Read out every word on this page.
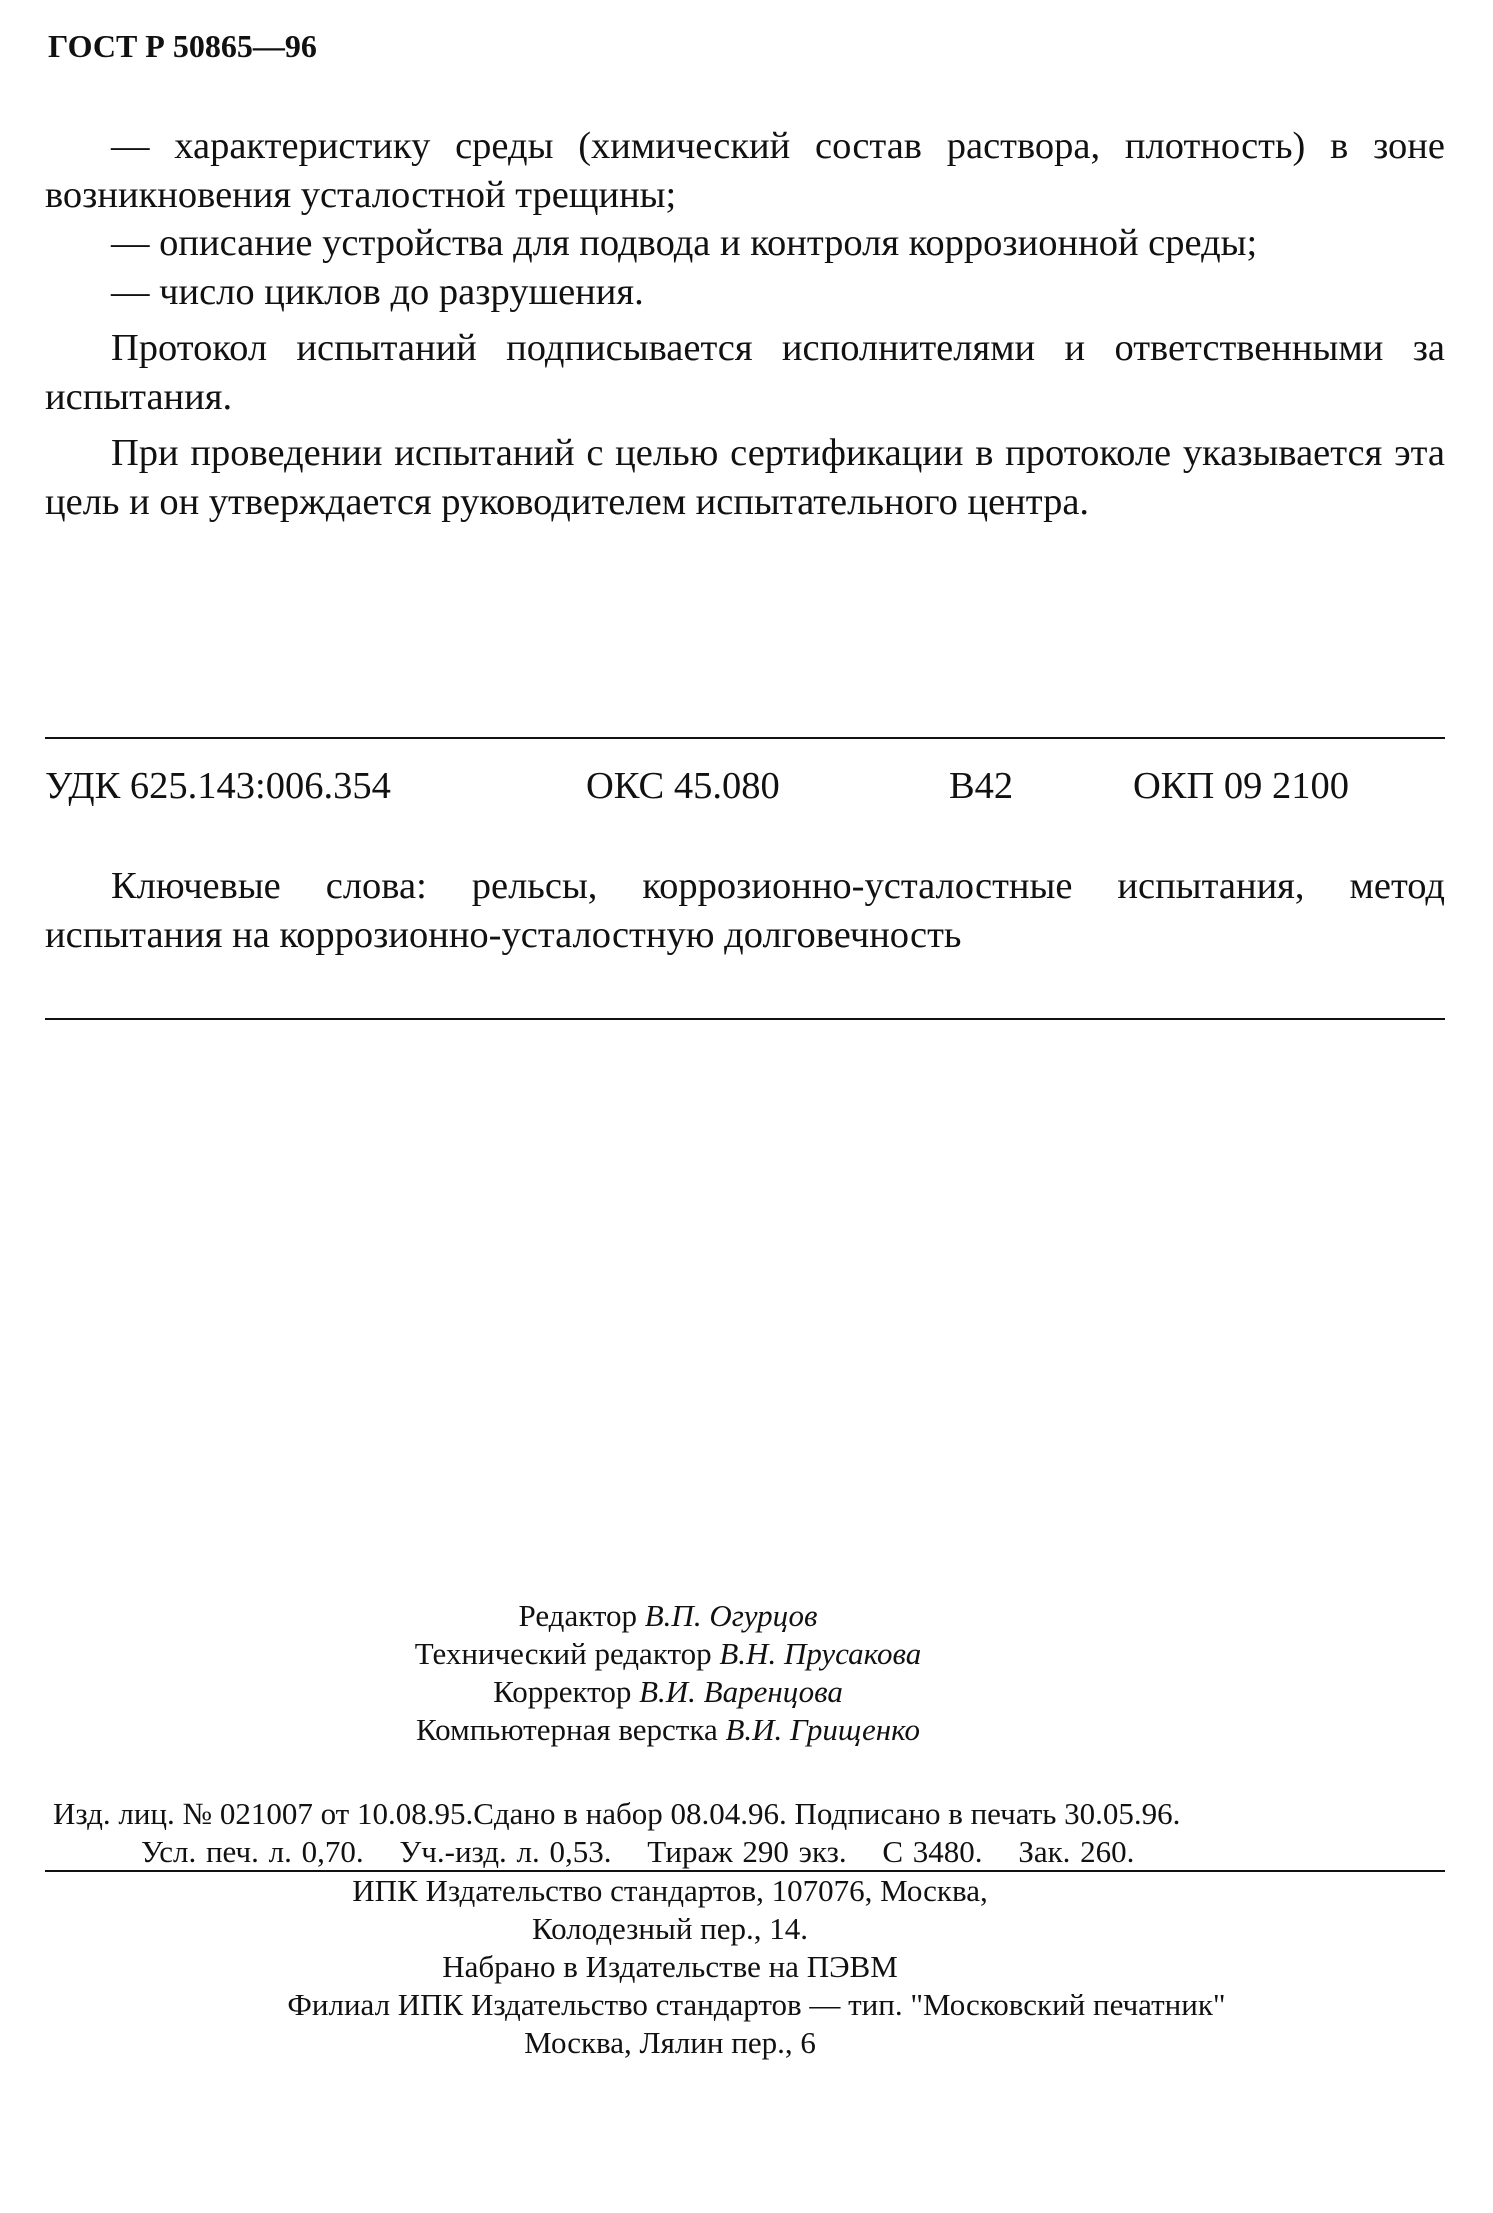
ГОСТ Р 50865—96

— характеристику среды (химический состав раствора, плотность) в зоне возникновения усталостной трещины;

— описание устройства для подвода и контроля коррозионной среды;

— число циклов до разрушения.

Протокол испытаний подписывается исполнителями и ответственными за испытания.

При проведении испытаний с целью сертификации в протоколе указывается эта цель и он утверждается руководителем испытательного центра.

УДК 625.143:006.354	ОКС 45.080	В42	ОКП 09 2100

Ключевые слова: рельсы, коррозионно-усталостные испытания, метод испытания на коррозионно-усталостную долговечность

Редактор В.П. Огурцов
Технический редактор В.Н. Прусакова
Корректор В.И. Варенцова
Компьютерная верстка В.И. Грищенко
Изд. лиц. № 021007 от 10.08.95.Сдано в набор 08.04.96. Подписано в печать 30.05.96.
Усл. печ. л. 0,70. Уч.-изд. л. 0,53. Тираж 290 экз. С 3480. Зак. 260.
ИПК Издательство стандартов, 107076, Москва,
Колодезный пер., 14.
Набрано в Издательстве на ПЭВМ
Филиал ИПК Издательство стандартов — тип. "Московский печатник"
Москва, Лялин пер., 6
